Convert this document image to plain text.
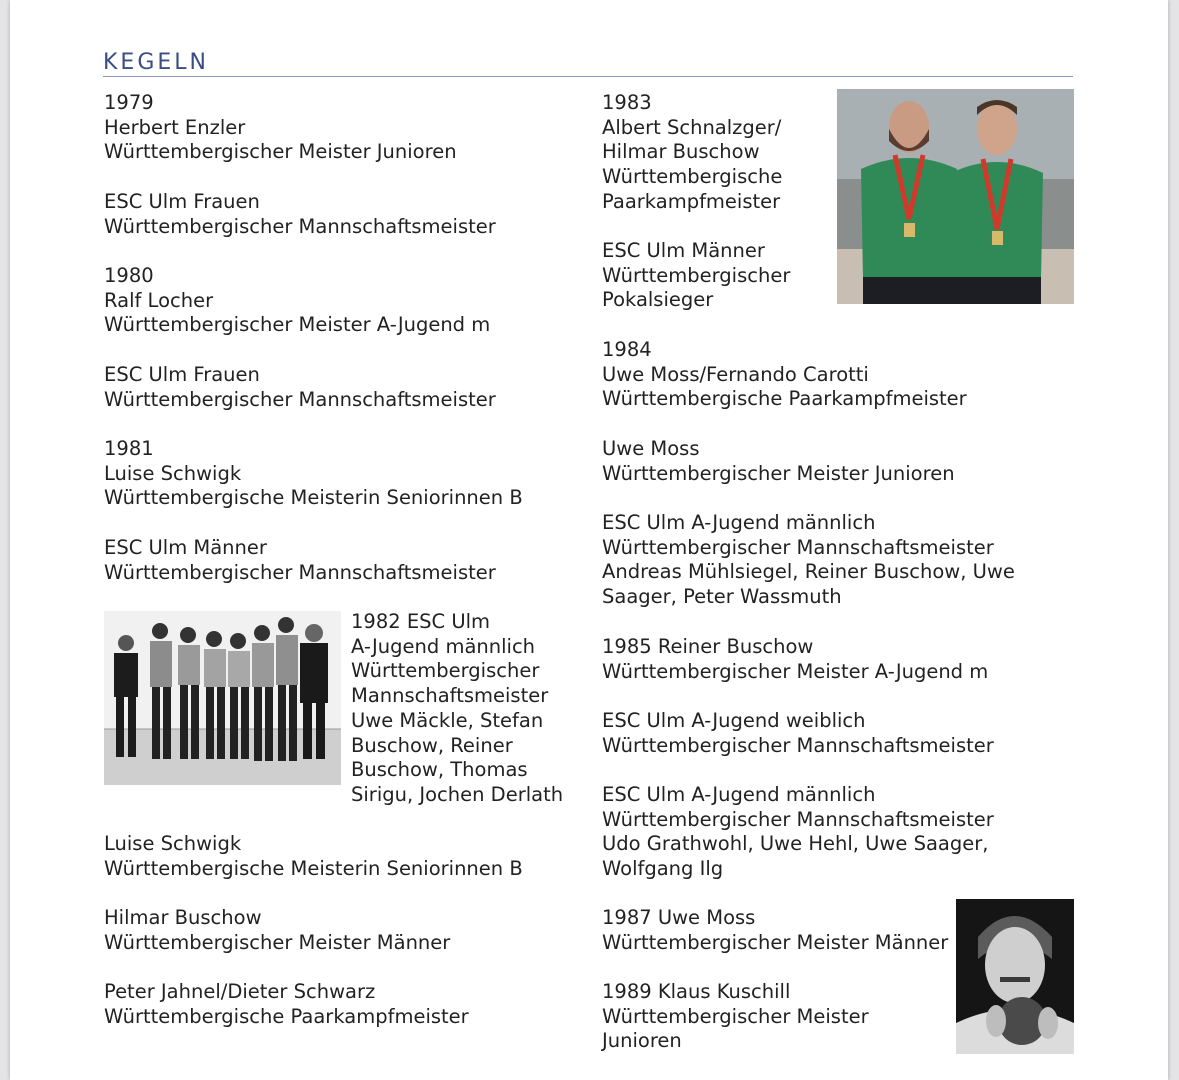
KEGELN
1979
Herbert Enzler
Württembergischer Meister Junioren
ESC Ulm Frauen
Württembergischer Mannschaftsmeister
1980
Ralf Locher
Württembergischer Meister A-Jugend m
ESC Ulm Frauen
Württembergischer Mannschaftsmeister
1981
Luise Schwigk
Württembergische Meisterin Seniorinnen B
ESC Ulm Männer
Württembergischer Mannschaftsmeister
1982 ESC Ulm
A-Jugend männlich
Württembergischer
Mannschaftsmeister
Uwe Mäckle, Stefan
Buschow, Reiner
Buschow, Thomas
Sirigu, Jochen Derlath
Luise Schwigk
Württembergische Meisterin Seniorinnen B
Hilmar Buschow
Württembergischer Meister Männer
Peter Jahnel/Dieter Schwarz
Württembergische Paarkampfmeister
1983
Albert Schnalzger/
Hilmar Buschow
Württembergische
Paarkampfmeister
ESC Ulm Männer
Württembergischer
Pokalsieger
1984
Uwe Moss/Fernando Carotti
Württembergische Paarkampfmeister
Uwe Moss
Württembergischer Meister Junioren
ESC Ulm A-Jugend männlich
Württembergischer Mannschaftsmeister
Andreas Mühlsiegel, Reiner Buschow, Uwe
Saager, Peter Wassmuth
1985 Reiner Buschow
Württembergischer Meister A-Jugend m
ESC Ulm A-Jugend weiblich
Württembergischer Mannschaftsmeister
ESC Ulm A-Jugend männlich
Württembergischer Mannschaftsmeister
Udo Grathwohl, Uwe Hehl, Uwe Saager,
Wolfgang Ilg
1987 Uwe Moss
Württembergischer Meister Männer
1989 Klaus Kuschill
Württembergischer Meister
Junioren
